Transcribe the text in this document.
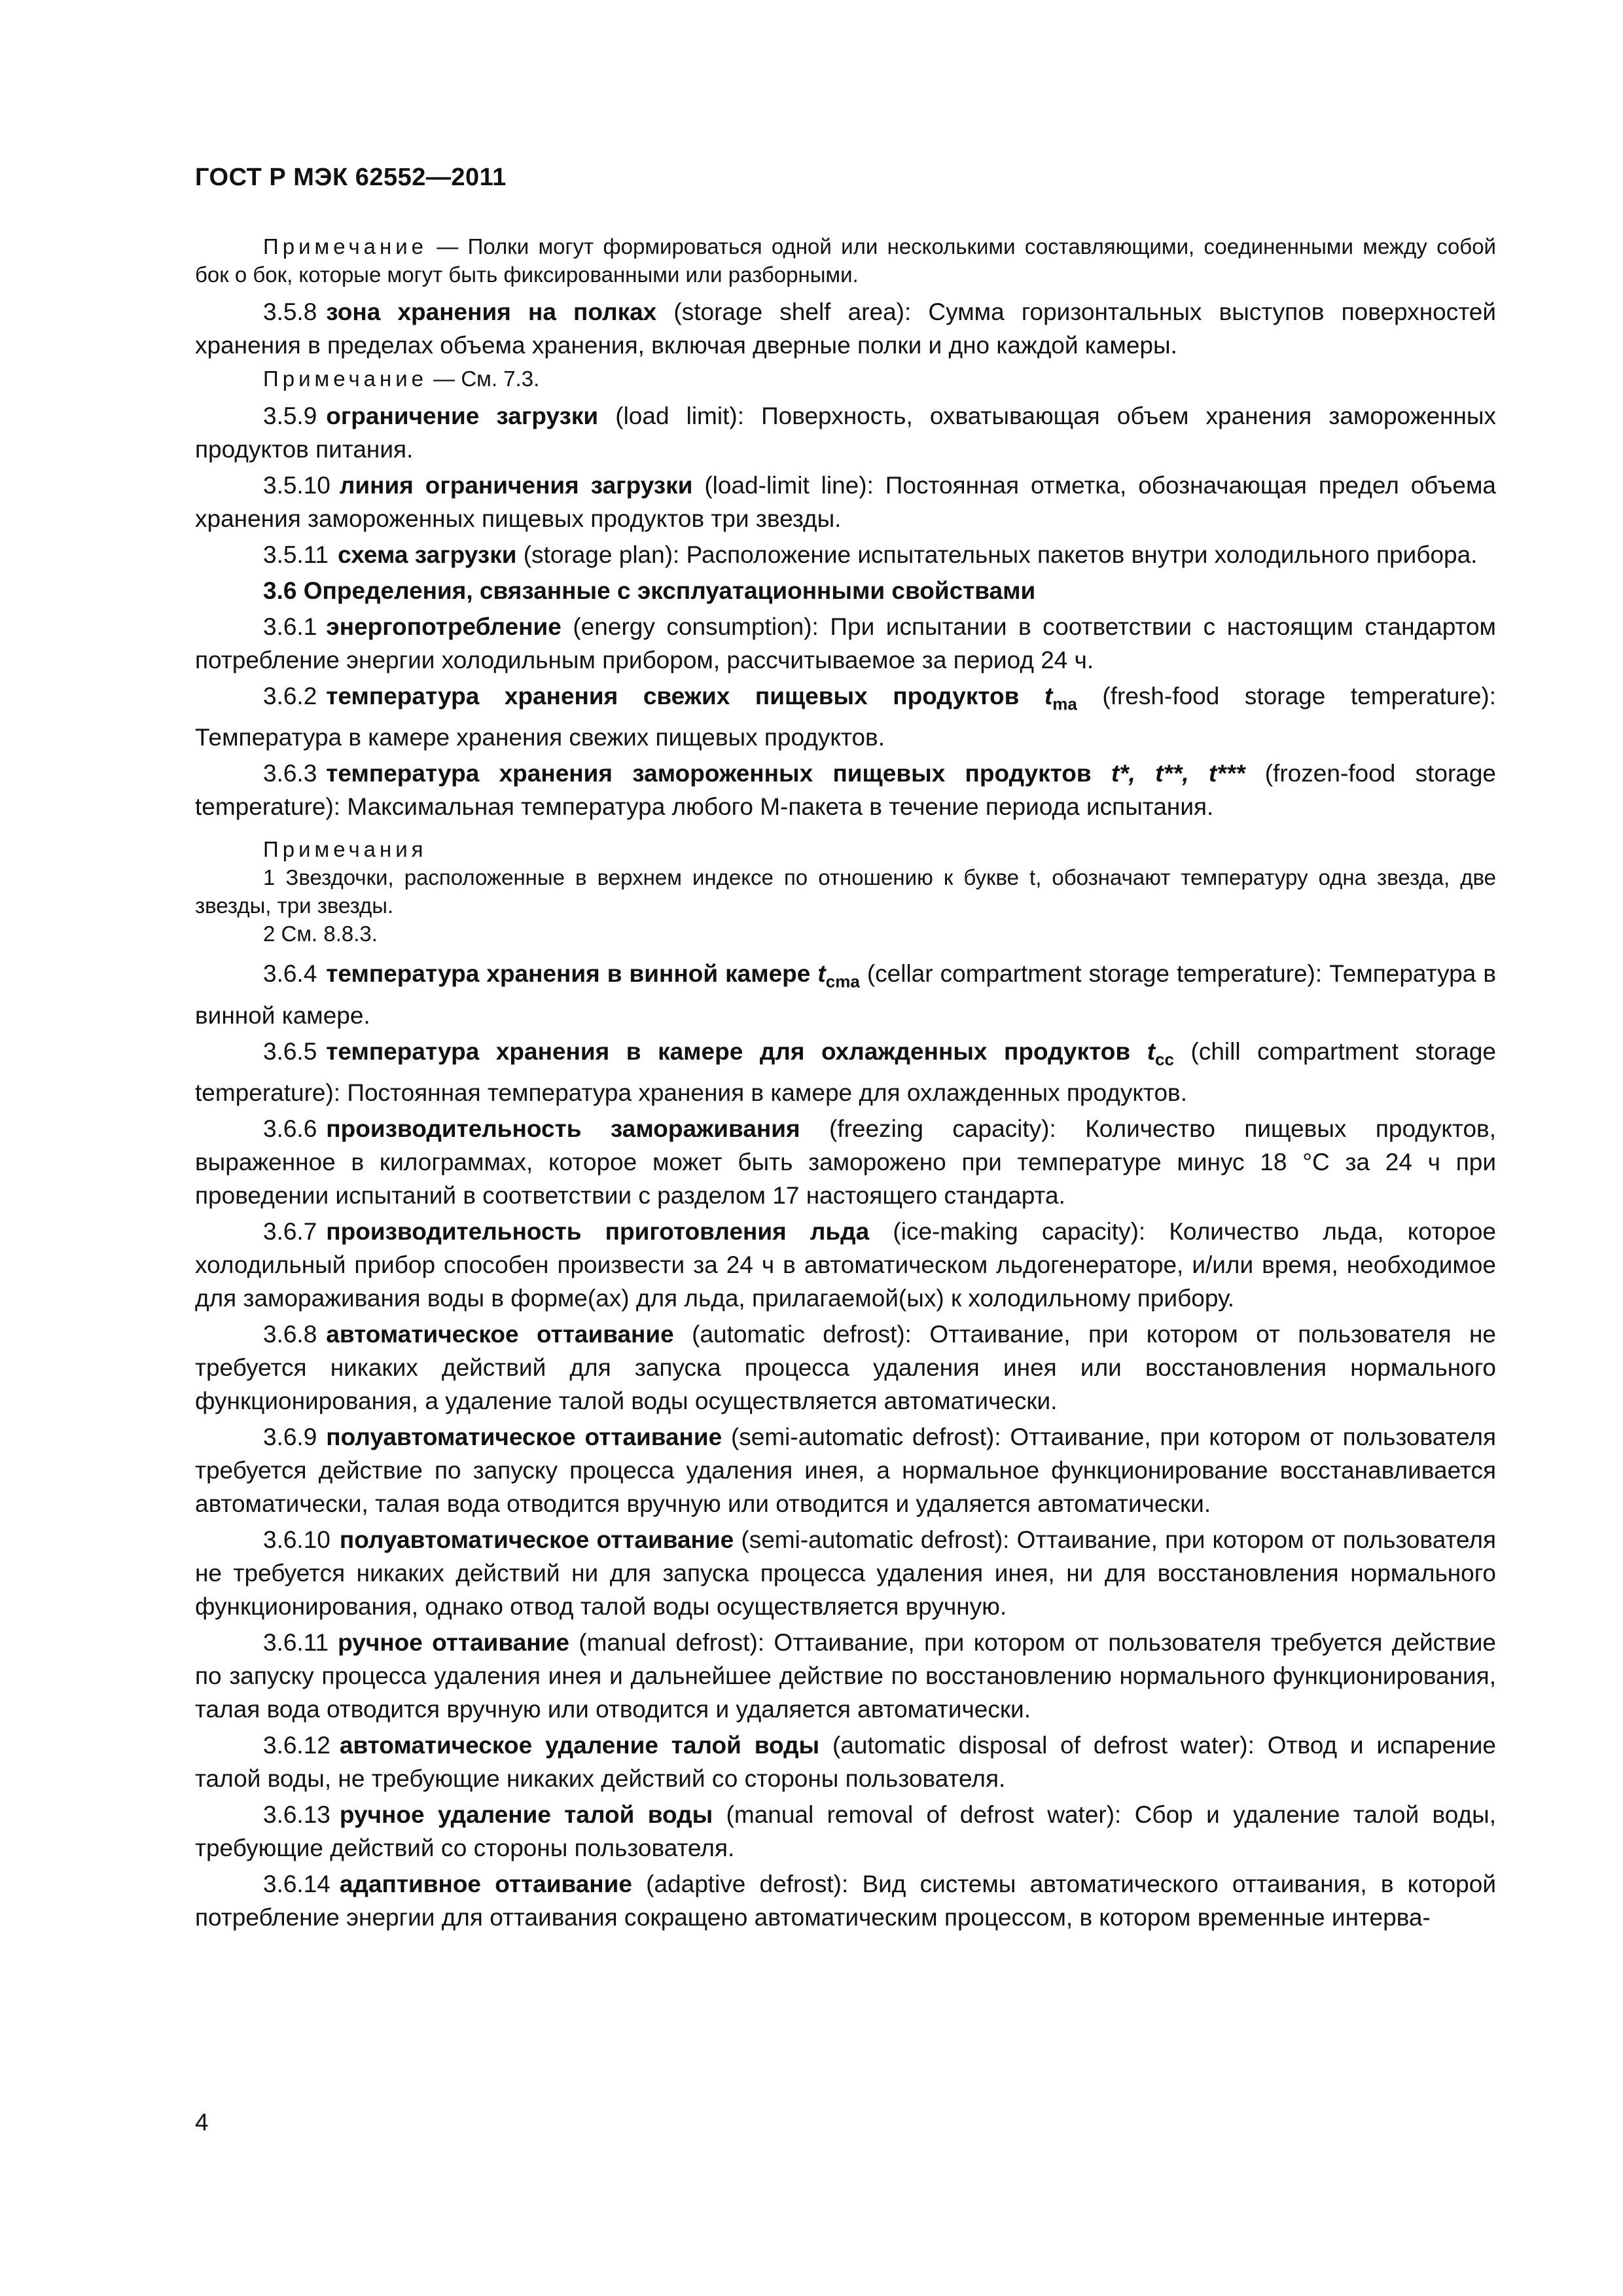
ГОСТ Р МЭК 62552—2011

Примечание — Полки могут формироваться одной или несколькими составляющими, соединенными между собой бок о бок, которые могут быть фиксированными или разборными.

3.5.8 зона хранения на полках (storage shelf area): Сумма горизонтальных выступов поверхностей хранения в пределах объема хранения, включая дверные полки и дно каждой камеры.

Примечание — См. 7.3.

3.5.9 ограничение загрузки (load limit): Поверхность, охватывающая объем хранения замороженных продуктов питания.

3.5.10 линия ограничения загрузки (load-limit line): Постоянная отметка, обозначающая предел объема хранения замороженных пищевых продуктов три звезды.

3.5.11 схема загрузки (storage plan): Расположение испытательных пакетов внутри холодильного прибора.

3.6 Определения, связанные с эксплуатационными свойствами

3.6.1 энергопотребление (energy consumption): При испытании в соответствии с настоящим стандартом потребление энергии холодильным прибором, рассчитываемое за период 24 ч.

3.6.2 температура хранения свежих пищевых продуктов $t_{ma}$ (fresh-food storage temperature): Температура в камере хранения свежих пищевых продуктов.

3.6.3 температура хранения замороженных пищевых продуктов t*, t**, t*** (frozen-food storage temperature): Максимальная температура любого М-пакета в течение периода испытания.

Примечания

1 Звездочки, расположенные в верхнем индексе по отношению к букве t, обозначают температуру одна звезда, две звезды, три звезды.

2 См. 8.8.3.

3.6.4 температура хранения в винной камере $t_{cma}$ (cellar compartment storage temperature): Температура в винной камере.

3.6.5 температура хранения в камере для охлажденных продуктов $t_{cc}$ (chill compartment storage temperature): Постоянная температура хранения в камере для охлажденных продуктов.

3.6.6 производительность замораживания (freezing capacity): Количество пищевых продуктов, выраженное в килограммах, которое может быть заморожено при температуре минус 18 °C за 24 ч при проведении испытаний в соответствии с разделом 17 настоящего стандарта.

3.6.7 производительность приготовления льда (ice-making capacity): Количество льда, которое холодильный прибор способен произвести за 24 ч в автоматическом льдогенераторе, и/или время, необходимое для замораживания воды в форме(ах) для льда, прилагаемой(ых) к холодильному прибору.

3.6.8 автоматическое оттаивание (automatic defrost): Оттаивание, при котором от пользователя не требуется никаких действий для запуска процесса удаления инея или восстановления нормального функционирования, а удаление талой воды осуществляется автоматически.

3.6.9 полуавтоматическое оттаивание (semi-automatic defrost): Оттаивание, при котором от пользователя требуется действие по запуску процесса удаления инея, а нормальное функционирование восстанавливается автоматически, талая вода отводится вручную или отводится и удаляется автоматически.

3.6.10 полуавтоматическое оттаивание (semi-automatic defrost): Оттаивание, при котором от пользователя не требуется никаких действий ни для запуска процесса удаления инея, ни для восстановления нормального функционирования, однако отвод талой воды осуществляется вручную.

3.6.11 ручное оттаивание (manual defrost): Оттаивание, при котором от пользователя требуется действие по запуску процесса удаления инея и дальнейшее действие по восстановлению нормального функционирования, талая вода отводится вручную или отводится и удаляется автоматически.

3.6.12 автоматическое удаление талой воды (automatic disposal of defrost water): Отвод и испарение талой воды, не требующие никаких действий со стороны пользователя.

3.6.13 ручное удаление талой воды (manual removal of defrost water): Сбор и удаление талой воды, требующие действий со стороны пользователя.

3.6.14 адаптивное оттаивание (adaptive defrost): Вид системы автоматического оттаивания, в которой потребление энергии для оттаивания сокращено автоматическим процессом, в котором временные интерва-

4
